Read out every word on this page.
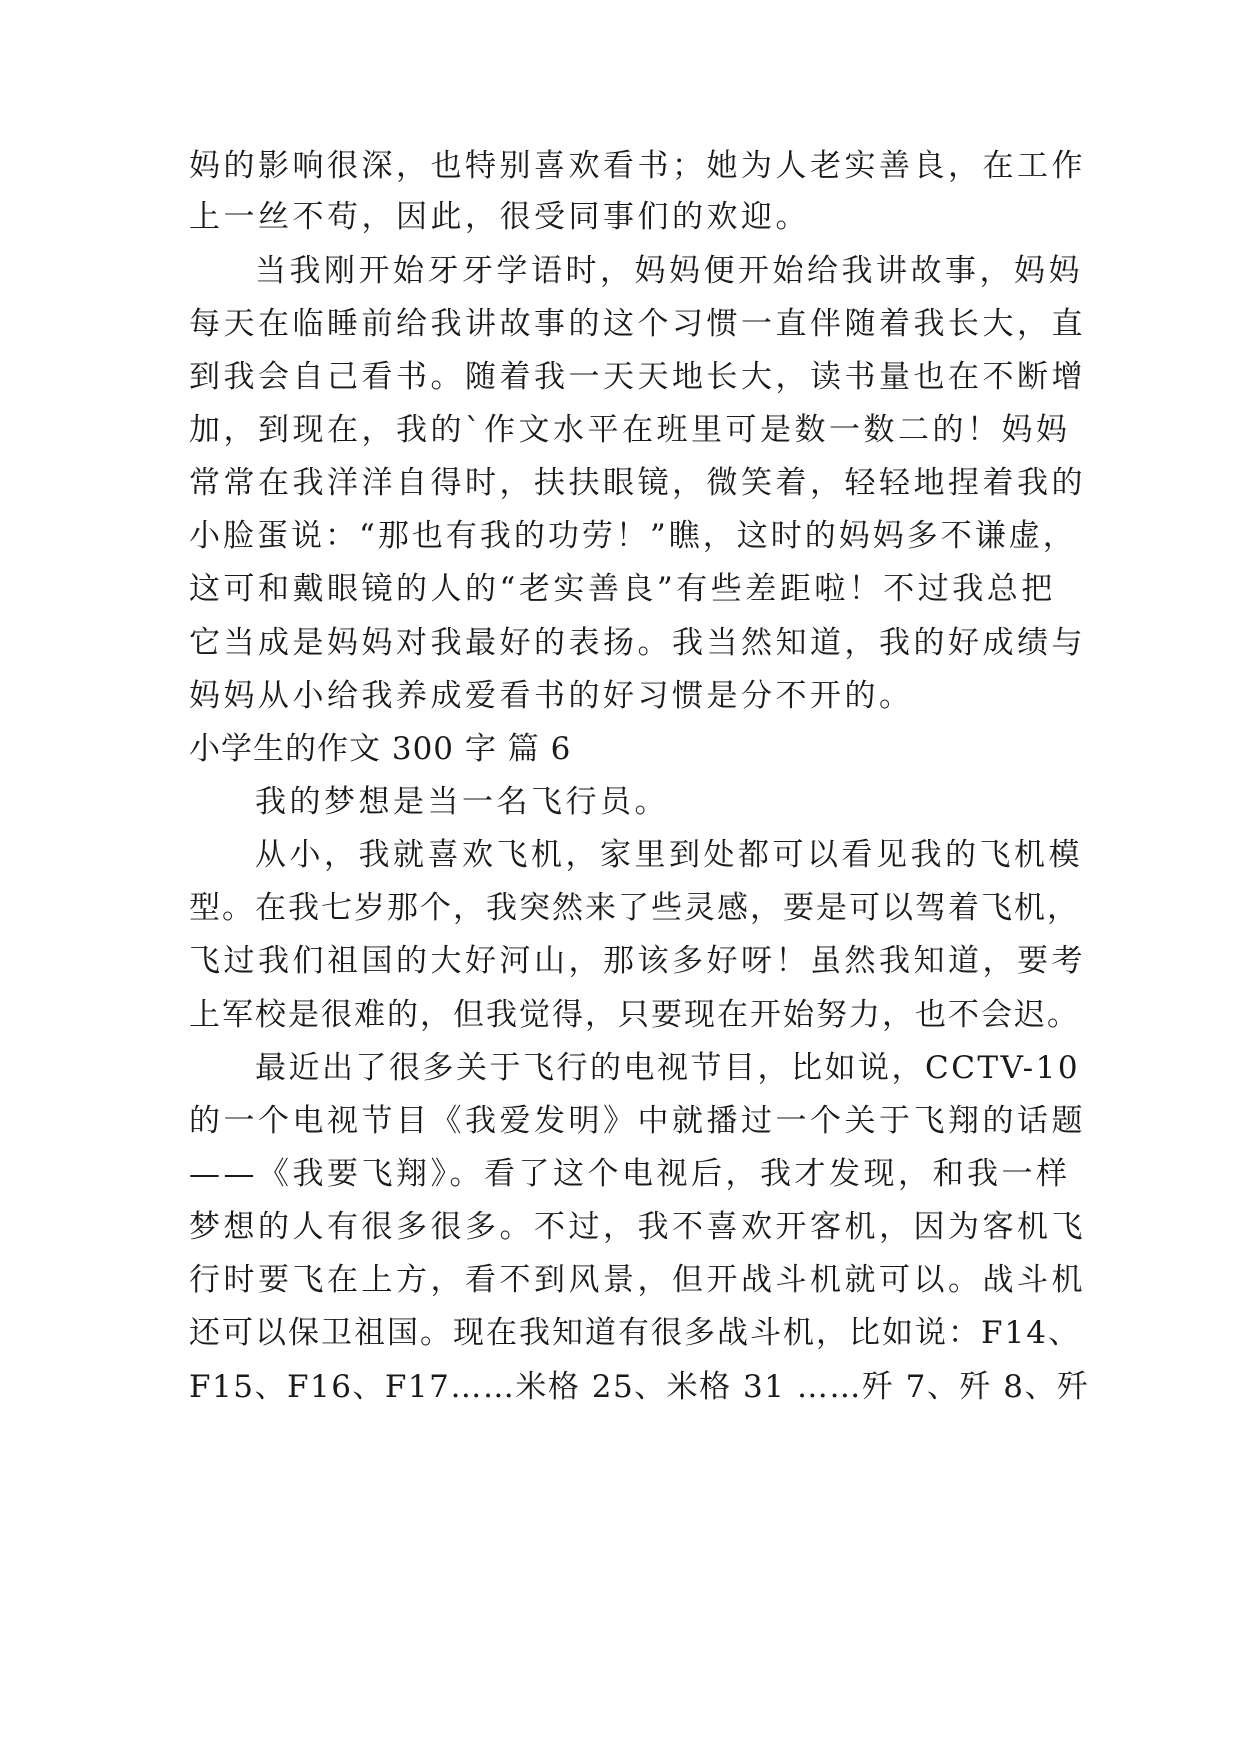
妈的影响很深，也特别喜欢看书；她为人老实善良，在工作
上一丝不苟，因此，很受同事们的欢迎。
当我刚开始牙牙学语时，妈妈便开始给我讲故事，妈妈
每天在临睡前给我讲故事的这个习惯一直伴随着我长大，直
到我会自己看书。随着我一天天地长大，读书量也在不断增
加，到现在，我的`作文水平在班里可是数一数二的！妈妈
常常在我洋洋自得时，扶扶眼镜，微笑着，轻轻地捏着我的
小脸蛋说：“那也有我的功劳！”瞧，这时的妈妈多不谦虚，
这可和戴眼镜的人的“老实善良”有些差距啦！不过我总把
它当成是妈妈对我最好的表扬。我当然知道，我的好成绩与
妈妈从小给我养成爱看书的好习惯是分不开的。
小学生的作文 300 字 篇 6
我的梦想是当一名飞行员。
从小，我就喜欢飞机，家里到处都可以看见我的飞机模
型。在我七岁那个，我突然来了些灵感，要是可以驾着飞机，
飞过我们祖国的大好河山，那该多好呀！虽然我知道，要考
上军校是很难的，但我觉得，只要现在开始努力，也不会迟。
最近出了很多关于飞行的电视节目，比如说，CCTV-10
的一个电视节目《我爱发明》中就播过一个关于飞翔的话题
——《我要飞翔》。看了这个电视后，我才发现，和我一样
梦想的人有很多很多。不过，我不喜欢开客机，因为客机飞
行时要飞在上方，看不到风景，但开战斗机就可以。战斗机
还可以保卫祖国。现在我知道有很多战斗机，比如说：F14、
F15、F16、F17……米格 25、米格 31 ……歼 7、歼 8、歼
